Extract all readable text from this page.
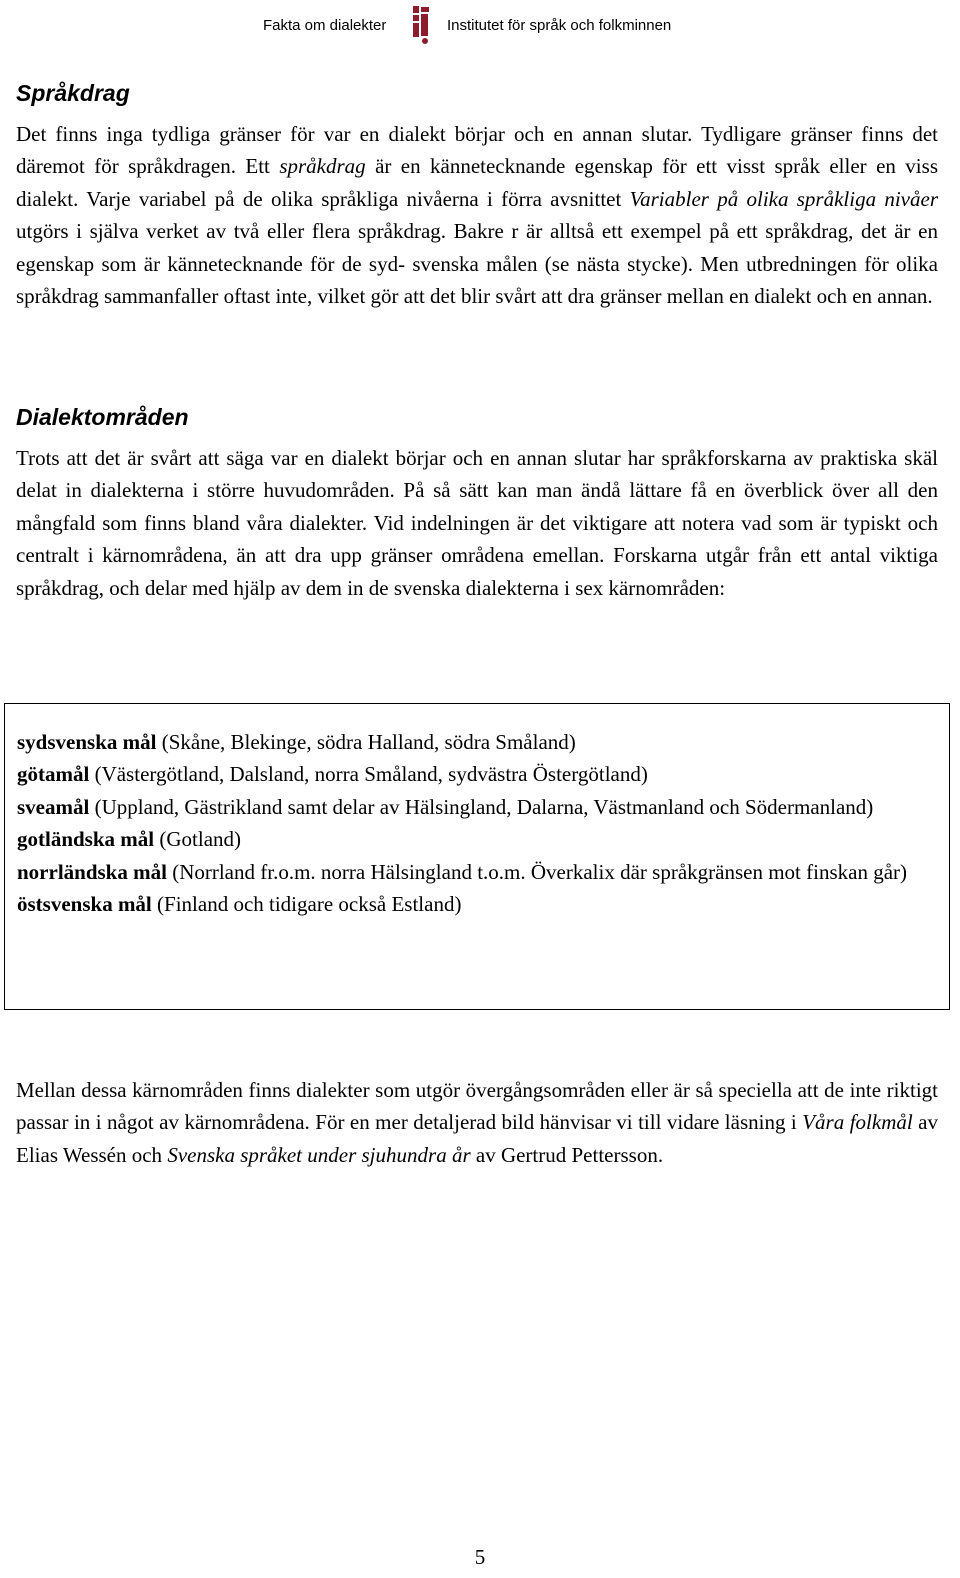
Fakta om dialekter	Institutet för språk och folkminnen
Språkdrag

Det finns inga tydliga gränser för var en dialekt börjar och en annan slutar. Tydligare gränser finns det däremot för språkdragen. Ett språkdrag är en kännetecknande egenskap för ett visst språk eller en viss dialekt. Varje variabel på de olika språkliga nivåerna i förra avsnittet Variabler på olika språkliga nivåer utgörs i själva verket av två eller flera språkdrag. Bakre r är alltså ett exempel på ett språkdrag, det är en egenskap som är kännetecknande för de syd- svenska målen (se nästa stycke). Men utbredningen för olika språkdrag sammanfaller oftast inte, vilket gör att det blir svårt att dra gränser mellan en dialekt och en annan.

Dialektområden

Trots att det är svårt att säga var en dialekt börjar och en annan slutar har språkforskarna av praktiska skäl delat in dialekterna i större huvudområden. På så sätt kan man ändå lättare få en överblick över all den mångfald som finns bland våra dialekter. Vid indelningen är det viktigare att notera vad som är typiskt och centralt i kärnområdena, än att dra upp gränser områdena emellan. Forskarna utgår från ett antal viktiga språkdrag, och delar med hjälp av dem in de svenska dialekterna i sex kärnområden:

sydsvenska mål (Skåne, Blekinge, södra Halland, södra Småland)

götamål (Västergötland, Dalsland, norra Småland, sydvästra Östergötland)

sveamål (Uppland, Gästrikland samt delar av Hälsingland, Dalarna, Västmanland och Södermanland)

gotländska mål (Gotland)

norrländska mål (Norrland fr.o.m. norra Hälsingland t.o.m. Överkalix där språkgränsen mot finskan går)

östsvenska mål (Finland och tidigare också Estland)

Mellan dessa kärnområden finns dialekter som utgör övergångsområden eller är så speciella att de inte riktigt passar in i något av kärnområdena. För en mer detaljerad bild hänvisar vi till vidare läsning i Våra folkmål av Elias Wessén och Svenska språket under sjuhundra år av Gertrud Pettersson.

5
